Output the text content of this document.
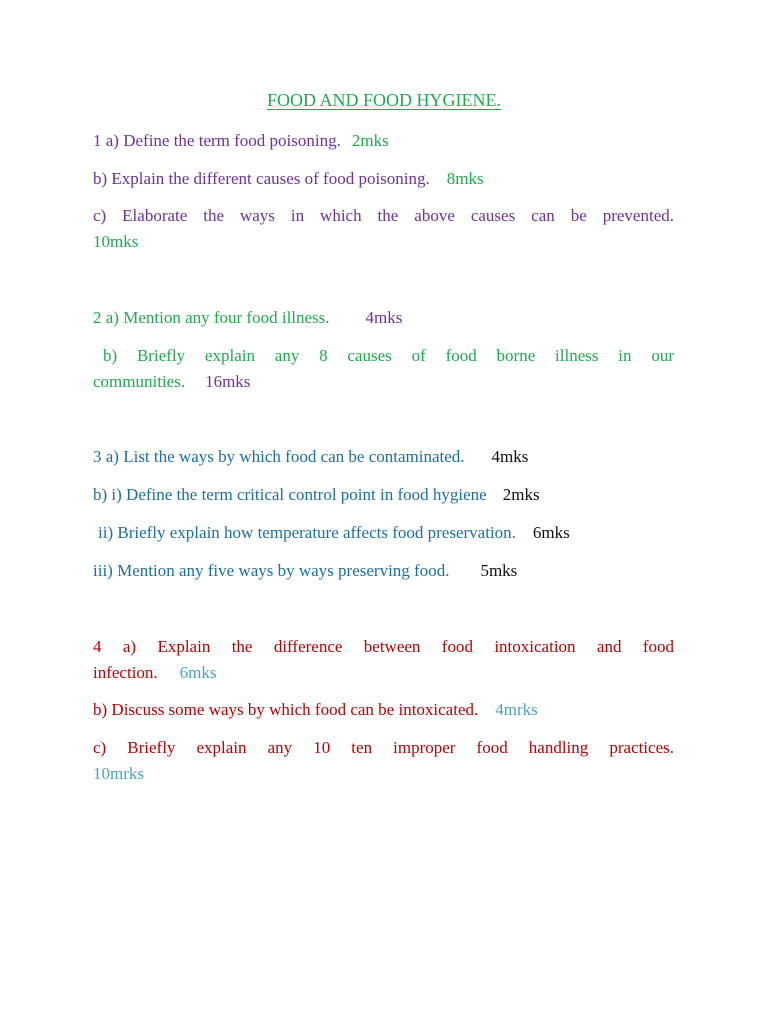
FOOD AND FOOD HYGIENE.

1 a) Define the term food poisoning. 2mks

b) Explain the different causes of food poisoning. 8mks

c) Elaborate the ways in which the above causes can be prevented.
10mks

2 a) Mention any four food illness. 4mks

b) Briefly explain any 8 causes of food borne illness in our
communities. 16mks

3 a) List the ways by which food can be contaminated. 4mks

b) i) Define the term critical control point in food hygiene 2mks

ii) Briefly explain how temperature affects food preservation. 6mks

iii) Mention any five ways by ways preserving food. 5mks

4 a) Explain the difference between food intoxication and food
infection. 6mks

b) Discuss some ways by which food can be intoxicated. 4mrks

c) Briefly explain any 10 ten improper food handling practices.
10mrks
